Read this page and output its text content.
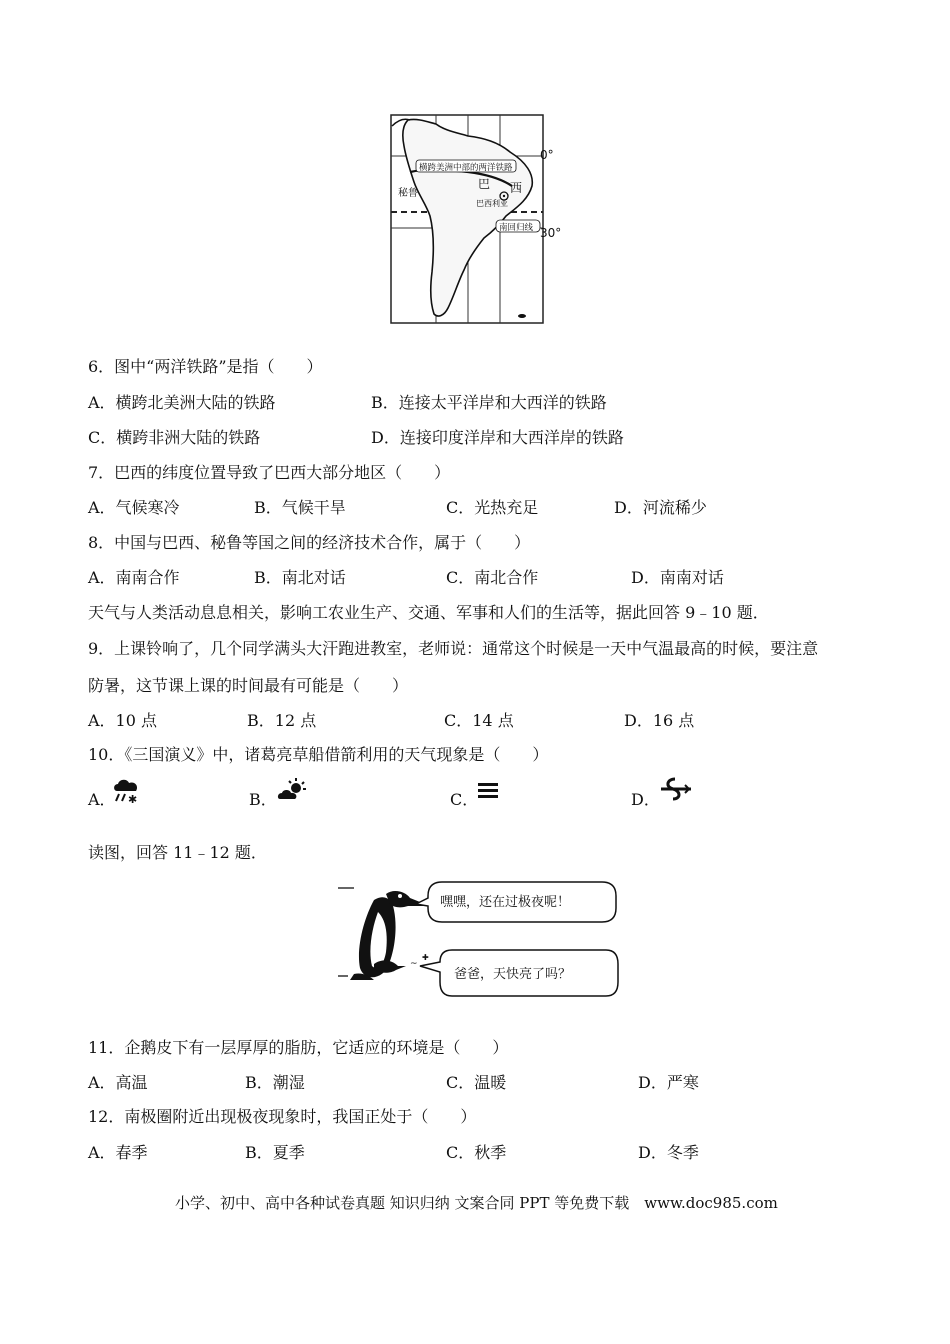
横跨美洲中部的两洋铁路
秘鲁
巴 西
巴西利亚
南回归线
0°
30°
6．图中“两洋铁路”是指（　　）
A．横跨北美洲大陆的铁路	B．连接太平洋岸和大西洋的铁路
C．横跨非洲大陆的铁路	D．连接印度洋岸和大西洋岸的铁路
7．巴西的纬度位置导致了巴西大部分地区（　　）
A．气候寒冷	B．气候干旱	C．光热充足	D．河流稀少
8．中国与巴西、秘鲁等国之间的经济技术合作，属于（　　）
A．南南合作	B．南北对话	C．南北合作	D．南南对话
天气与人类活动息息相关，影响工农业生产、交通、军事和人们的生活等，据此回答 9﹣10 题．
9．上课铃响了，几个同学满头大汗跑进教室，老师说：通常这个时候是一天中气温最高的时候，要注意
防暑，这节课上课的时间最有可能是（　　）
A．10 点	B．12 点	C．14 点	D．16 点
10．《三国演义》中，诸葛亮草船借箭利用的天气现象是（　　）
A．	B．	C．	D．
✱
读图，回答 11﹣12 题．
~
✚
嘿嘿，还在过极夜呢！
爸爸，天快亮了吗？
11．企鹅皮下有一层厚厚的脂肪，它适应的环境是（　　）
A．高温	B．潮湿	C．温暖	D．严寒
12．南极圈附近出现极夜现象时，我国正处于（　　）
A．春季	B．夏季	C．秋季	D．冬季
小学、初中、高中各种试卷真题 知识归纳 文案合同 PPT 等免费下载　www.doc985.com
